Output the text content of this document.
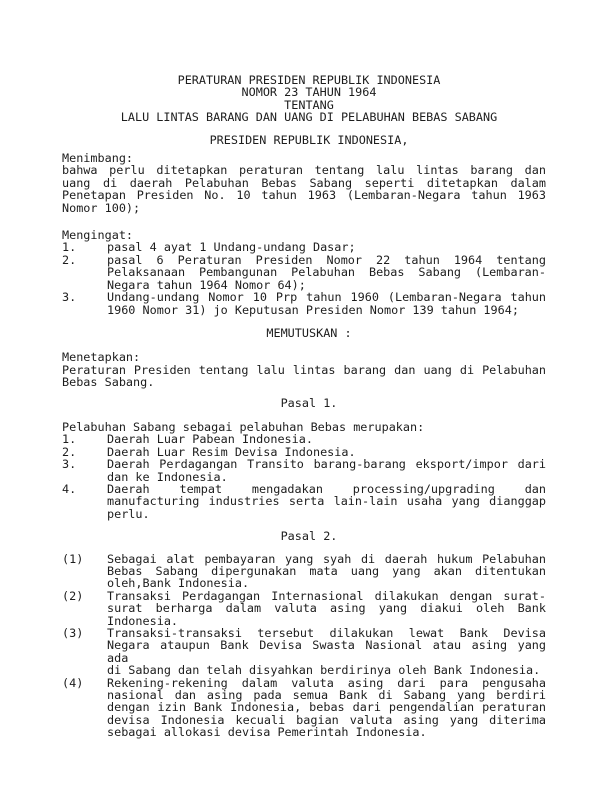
PERATURAN PRESIDEN REPUBLIK INDONESIA
NOMOR 23 TAHUN 1964
TENTANG
LALU LINTAS BARANG DAN UANG DI PELABUHAN BEBAS SABANG
PRESIDEN REPUBLIK INDONESIA,
Menimbang:
bahwa perlu ditetapkan peraturan tentang lalu lintas barang dan
uang di daerah Pelabuhan Bebas Sabang seperti ditetapkan dalam
Penetapan Presiden No. 10 tahun 1963 (Lembaran-Negara tahun 1963
Nomor 100);
Mengingat:
1.	pasal 4 ayat 1 Undang-undang Dasar;
2.	pasal 6 Peraturan Presiden Nomor 22 tahun 1964 tentang
Pelaksanaan Pembangunan Pelabuhan Bebas Sabang (Lembaran-
Negara tahun 1964 Nomor 64);
3.	Undang-undang Nomor 10 Prp tahun 1960 (Lembaran-Negara tahun
1960 Nomor 31) jo Keputusan Presiden Nomor 139 tahun 1964;
MEMUTUSKAN :
Menetapkan:
Peraturan Presiden tentang lalu lintas barang dan uang di Pelabuhan
Bebas Sabang.
Pasal 1.
Pelabuhan Sabang sebagai pelabuhan Bebas merupakan:
1.	Daerah Luar Pabean Indonesia.
2.	Daerah Luar Resim Devisa Indonesia.
3.	Daerah Perdagangan Transito barang-barang eksport/impor dari
dan ke Indonesia.
4.	Daerah tempat mengadakan processing/upgrading dan
manufacturing industries serta lain-lain usaha yang dianggap
perlu.
Pasal 2.
(1)	Sebagai alat pembayaran yang syah di daerah hukum Pelabuhan
Bebas Sabang dipergunakan mata uang yang akan ditentukan
oleh,Bank Indonesia.
(2)	Transaksi Perdagangan Internasional dilakukan dengan surat-
surat berharga dalam valuta asing yang diakui oleh Bank
Indonesia.
(3)	Transaksi-transaksi tersebut dilakukan lewat Bank Devisa
Negara ataupun Bank Devisa Swasta Nasional atau asing yang ada
di Sabang dan telah disyahkan berdirinya oleh Bank Indonesia.
(4)	Rekening-rekening dalam valuta asing dari para pengusaha
nasional dan asing pada semua Bank di Sabang yang berdiri
dengan izin Bank Indonesia, bebas dari pengendalian peraturan
devisa Indonesia kecuali bagian valuta asing yang diterima
sebagai allokasi devisa Pemerintah Indonesia.
